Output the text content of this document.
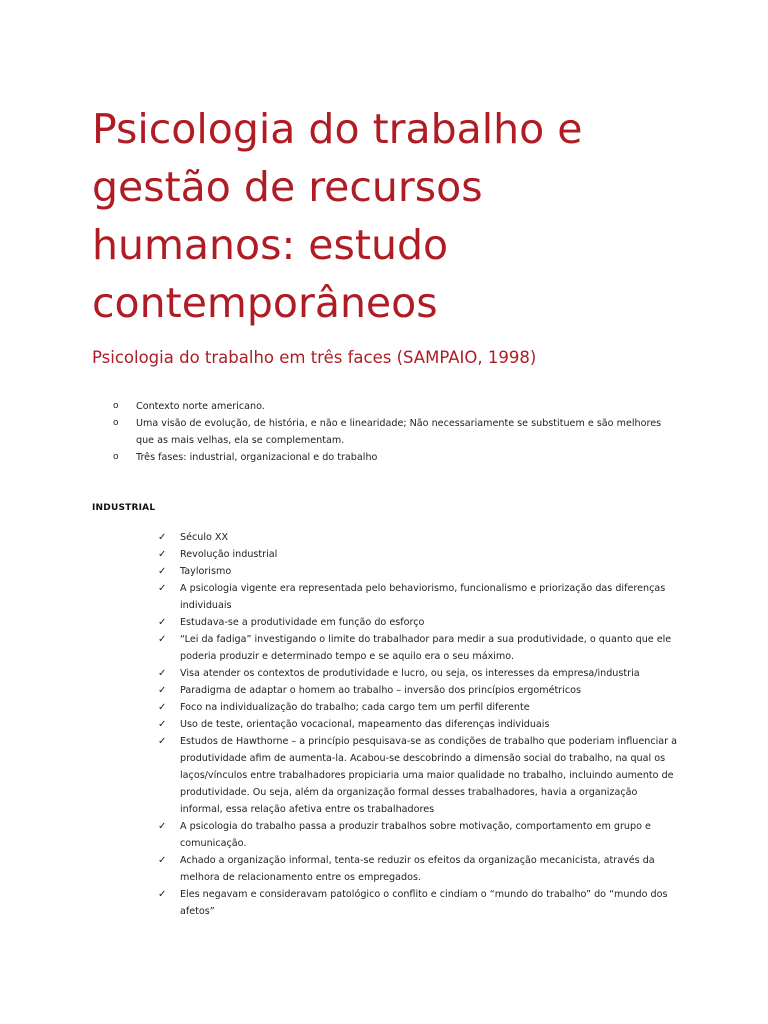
Psicologia do trabalho e gestão de recursos humanos: estudo contemporâneos
Psicologia do trabalho em três faces (SAMPAIO, 1998)
o Contexto norte americano.
o Uma visão de evolução, de história, e não e linearidade; Não necessariamente se substituem e são melhores que as mais velhas, ela se complementam.
o Três fases: industrial, organizacional e do trabalho
INDUSTRIAL
✓ Século XX
✓ Revolução industrial
✓ Taylorismo
✓ A psicologia vigente era representada pelo behaviorismo, funcionalismo e priorização das diferenças individuais
✓ Estudava-se a produtividade em função do esforço
✓ “Lei da fadiga” investigando o limite do trabalhador para medir a sua produtividade, o quanto que ele poderia produzir e determinado tempo e se aquilo era o seu máximo.
✓ Visa atender os contextos de produtividade e lucro, ou seja, os interesses da empresa/industria
✓ Paradigma de adaptar o homem ao trabalho – inversão dos princípios ergométricos
✓ Foco na individualização do trabalho; cada cargo tem um perfil diferente
✓ Uso de teste, orientação vocacional, mapeamento das diferenças individuais
✓ Estudos de Hawthorne – a princípio pesquisava-se as condições de trabalho que poderiam influenciar a produtividade afim de aumenta-la. Acabou-se descobrindo a dimensão social do trabalho, na qual os laços/vínculos entre trabalhadores propiciaria uma maior qualidade no trabalho, incluindo aumento de produtividade. Ou seja, além da organização formal desses trabalhadores, havia a organização informal, essa relação afetiva entre os trabalhadores
✓ A psicologia do trabalho passa a produzir trabalhos sobre motivação, comportamento em grupo e comunicação.
✓ Achado a organização informal, tenta-se reduzir os efeitos da organização mecanicista, através da melhora de relacionamento entre os empregados.
✓ Eles negavam e consideravam patológico o conflito e cindiam o “mundo do trabalho” do “mundo dos afetos”
